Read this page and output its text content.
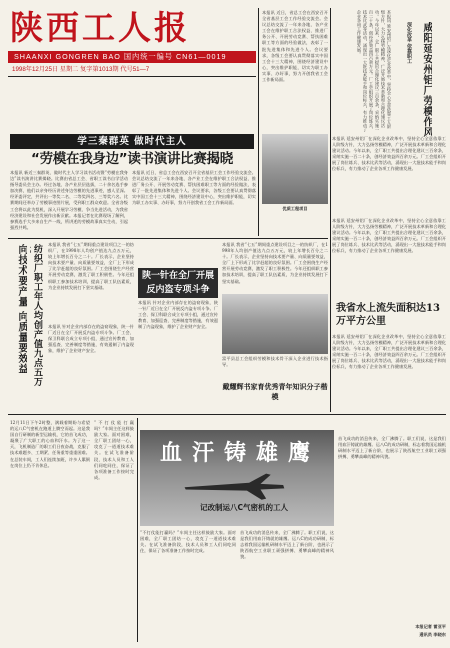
陕西工人报
SHAANXI GONGREN BAO 国内统一编号 CN61—0019
1998年12月25日 星期二 复字第1013期 代号51—7
学三秦群英 做时代主人
“劳模在我身边”读书演讲比赛揭晓
本报讯 新近三秦群英、做时代主人学习读书活动暨“劳模在我身边”读书演讲比赛揭晓。比赛由省总工会、省职工读书自学活动指导委员会主办。经过各地、各产业层层选拔，二十余名选手参加决赛，他们以亲身经历讲述身边劳模的先进事迹，感人至深。经评委评定，共评出一等奖二名、二等奖四名、三等奖六名。比赛期间还举办了劳模事迹图片展，受到职工群众欢迎。全省各级工会将以此为契机，深入开展学习劳模、争当先进活动，为我省经济建设和社会发展作出新贡献。本报记者在比赛现场了解到，参赛选手大多来自生产一线，所讲述的劳模故事真实生动，引起强烈共鸣。
本报讯 近日，省总工会在西安召开全省基层工会工作经验交流会。会议总结交流了一年来各地、各产业工会在维护职工合法权益、推进厂务公开、开展劳动竞赛、帮扶困难职工等方面的经验做法，表彰了一批先进集体和先进个人。会议要求，各级工会要认真贯彻落实中国工会十三大精神，围绕经济建设中心，突出维护职能，切实为职工办实事、办好事，努力开创我省工会工作新局面。
本报讯 近日，省总工会在西安召开全省基层工会工作经验交流会。会议总结交流了一年来各地、各产业工会在维护职工合法权益、推进厂务公开、开展劳动竞赛、帮扶困难职工等方面的经验做法，表彰了一批先进集体和先进个人。会议要求，各级工会要认真贯彻落实中国工会十三大精神，围绕经济建设中心，突出维护职能，切实为职工办实事、办好事，努力开创我省工会工作新局面。	本报讯 延安州铝厂在深化企业改革中，坚持全心全意依靠工人阶级方针，大力弘扬劳模精神，广泛开展技术革新和合理化建议活动。今年以来，全厂职工共提出合理化建议三百余条，采纳实施一百二十条，创经济效益四百余万元。厂工会组织开展了岗位练兵、技术比武等活动，涌现出一大批技术能手和岗位标兵，有力推动了企业各项工作健康发展。	咸阳延安州铝厂劳模作风
深化改革 依靠职工
本报讯 延安州铝厂在深化企业改革中，坚持全心全意依靠工人阶级方针，大力弘扬劳模精神，广泛开展技术革新和合理化建议活动。今年以来，全厂职工共提出合理化建议三百余条，采纳实施一百二十条，创经济效益四百余万元。厂工会组织开展了岗位练兵、技术比武等活动，涌现出一大批技术能手和岗位标兵，有力推动了企业各项工作健康发展。
优质工程项目
本报讯 延安州铝厂在深化企业改革中，坚持全心全意依靠工人阶级方针，大力弘扬劳模精神，广泛开展技术革新和合理化建议活动。今年以来，全厂职工共提出合理化建议三百余条，采纳实施一百二十条，创经济效益四百余万元。厂工会组织开展了岗位练兵、技术比武等活动，涌现出一大批技术能手和岗位标兵，有力推动了企业各项工作健康发展。
我省水上流失面积达13万平方公里
本报讯 延安州铝厂在深化企业改革中，坚持全心全意依靠工人阶级方针，大力弘扬劳模精神，广泛开展技术革新和合理化建议活动。今年以来，全厂职工共提出合理化建议三百余条，采纳实施一百二十条，创经济效益四百余万元。厂工会组织开展了岗位练兵、技术比武等活动，涌现出一大批技术能手和岗位标兵，有力推动了企业各项工作健康发展。
向技术要产量 向质量要效益 纺织厂职工年人均创产值九点五万
本报讯 我省“七五”期间重点建设项目之一的纺织厂，在1998年人均创产值达九点五万元，较上年增长百分之二十。厂长表示，企业坚持向技术要产量、向质量要效益，全厂上下形成了比学赶超的良好氛围。厂工会围绕生产经营开展劳动竞赛，激发了职工积极性。今年还组织职工参加技术培训，提高了职工队伍素质，为企业持续发展打下坚实基础。
本报讯 针对企业内部存在的盗窃现象，陕一针厂近日在全厂开展反内盗专项斗争。厂工会、保卫科联合成立专项小组，通过宣传教育、加强巡查、完善制度等措施，有效遏制了内盗现象，维护了企业财产安全。
陕一针在全厂开展反内盗专项斗争
本报讯 针对企业内部存在的盗窃现象，陕一针厂近日在全厂开展反内盗专项斗争。厂工会、保卫科联合成立专项小组，通过宣传教育、加强巡查、完善制度等措施，有效遏制了内盗现象，维护了企业财产安全。
本报讯 我省“七五”期间重点建设项目之一的纺织厂，在1998年人均创产值达九点五万元，较上年增长百分之二十。厂长表示，企业坚持向技术要产量、向质量要效益，全厂上下形成了比学赶超的良好氛围。厂工会围绕生产经营开展劳动竞赛，激发了职工积极性。今年还组织职工参加技术培训，提高了职工队伍素质，为企业持续发展打下坚实基础。
富平县总工会组织劳模和技术骨干深入企业进行技术指导。
戴耀辉书家育优秀青年知识分子楷模
12月11日下午2时整，满载着期盼与希望的运八C气密机在跑道上腾空而起。这是我国自行研制的新型运输机，它的首飞成功，凝聚了广大职工的心血和汗水。为了这一天，飞机制造厂的职工们日夜奋战，克服了技术难题多、工期紧、任务重等重重困难。在总装车间，工人们连续加班，许多人累倒在岗位上仍不肯休息。
“不打仗能打赢吗？”车间主任这样鼓励大家。面对困难，全厂职工团结一心，攻克了一道道技术难关。在试飞准备阶段，技术人员和工人们同吃同住，保证了各项准备工作按时完成。
血汗铸雄鹰
记改制运八C气密机的工人
“不打仗能打赢吗？”车间主任这样鼓励大家。面对困难，全厂职工团结一心，攻克了一道道技术难关。在试飞准备阶段，技术人员和工人们同吃同住，保证了各项准备工作按时完成。
首飞成功的消息传来，全厂沸腾了。职工们说，这是我们用血汗铸就的雄鹰。运八C的成功研制，标志着我国运输机研制水平迈上了新台阶，也展示了陕西航空工业职工顽强拼搏、勇攀高峰的精神风貌。
首飞成功的消息传来，全厂沸腾了。职工们说，这是我们用血汗铸就的雄鹰。运八C的成功研制，标志着我国运输机研制水平迈上了新台阶，也展示了陕西航空工业职工顽强拼搏、勇攀高峰的精神风貌。
本报记者 雷亚平
通讯员 李晓东
